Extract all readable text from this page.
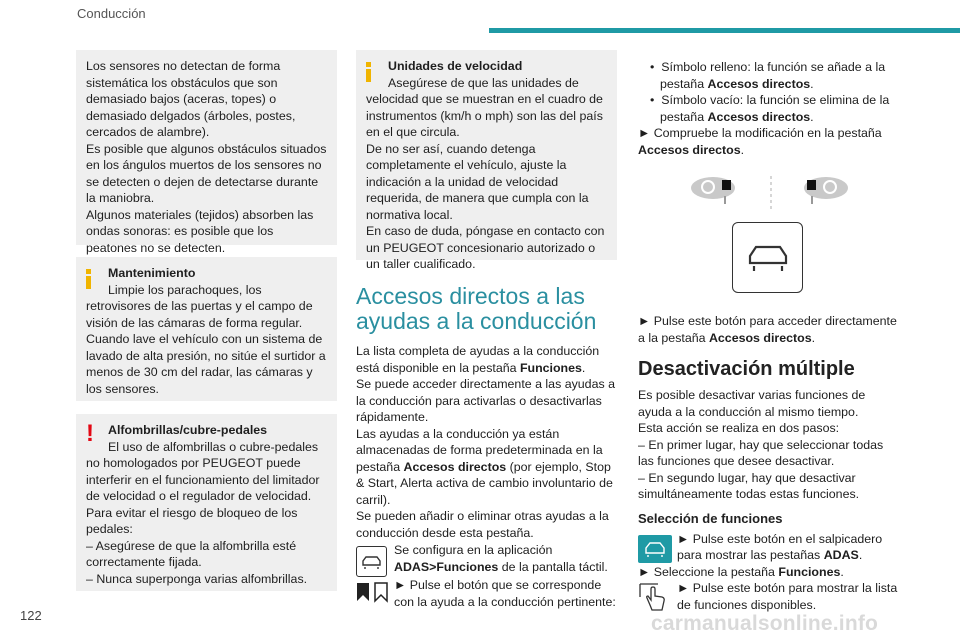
Conducción

Los sensores no detectan de forma sistemática los obstáculos que son demasiado bajos (aceras, topes) o demasiado delgados (árboles, postes, cercados de alambre).

Es posible que algunos obstáculos situados en los ángulos muertos de los sensores no se detecten o dejen de detectarse durante la maniobra.

Algunos materiales (tejidos) absorben las ondas sonoras: es posible que los peatones no se detecten.

Mantenimiento

Limpie los parachoques, los retrovisores de las puertas y el campo de visión de las cámaras de forma regular.

Cuando lave el vehículo con un sistema de lavado de alta presión, no sitúe el surtidor a menos de 30 cm del radar, las cámaras y los sensores.

!	Alfombrillas/cubre-pedales

El uso de alfombrillas o cubre-pedales no homologados por PEUGEOT puede interferir en el funcionamiento del limitador de velocidad o el regulador de velocidad.

Para evitar el riesgo de bloqueo de los pedales:

– Asegúrese de que la alfombrilla esté correctamente fijada.

– Nunca superponga varias alfombrillas.

Unidades de velocidad

Asegúrese de que las unidades de velocidad que se muestran en el cuadro de instrumentos (km/h o mph) son las del país en el que circula.

De no ser así, cuando detenga completamente el vehículo, ajuste la indicación a la unidad de velocidad requerida, de manera que cumpla con la normativa local.

En caso de duda, póngase en contacto con un PEUGEOT concesionario autorizado o un taller cualificado.

Accesos directos a las ayudas a la conducción

La lista completa de ayudas a la conducción está disponible en la pestaña Funciones.

Se puede acceder directamente a las ayudas a la conducción para activarlas o desactivarlas rápidamente.

Las ayudas a la conducción ya están almacenadas de forma predeterminada en la pestaña Accesos directos (por ejemplo, Stop & Start, Alerta activa de cambio involuntario de carril).

Se pueden añadir o eliminar otras ayudas a la conducción desde esta pestaña.

Se configura en la aplicación ADAS>Funciones de la pantalla táctil.
► Pulse el botón que se corresponde con la ayuda a la conducción pertinente:

•  Símbolo relleno: la función se añade a la pestaña Accesos directos.

•  Símbolo vacío: la función se elimina de la pestaña Accesos directos.

► Compruebe la modificación en la pestaña Accesos directos.

► Pulse este botón para acceder directamente a la pestaña Accesos directos.

Desactivación múltiple

Es posible desactivar varias funciones de ayuda a la conducción al mismo tiempo.

Esta acción se realiza en dos pasos:

– En primer lugar, hay que seleccionar todas las funciones que desee desactivar.

– En segundo lugar, hay que desactivar simultáneamente todas estas funciones.

Selección de funciones
► Pulse este botón en el salpicadero para mostrar las pestañas ADAS.

► Seleccione la pestaña Funciones.

► Pulse este botón para mostrar la lista de funciones disponibles.
122	carmanualsonline.info
